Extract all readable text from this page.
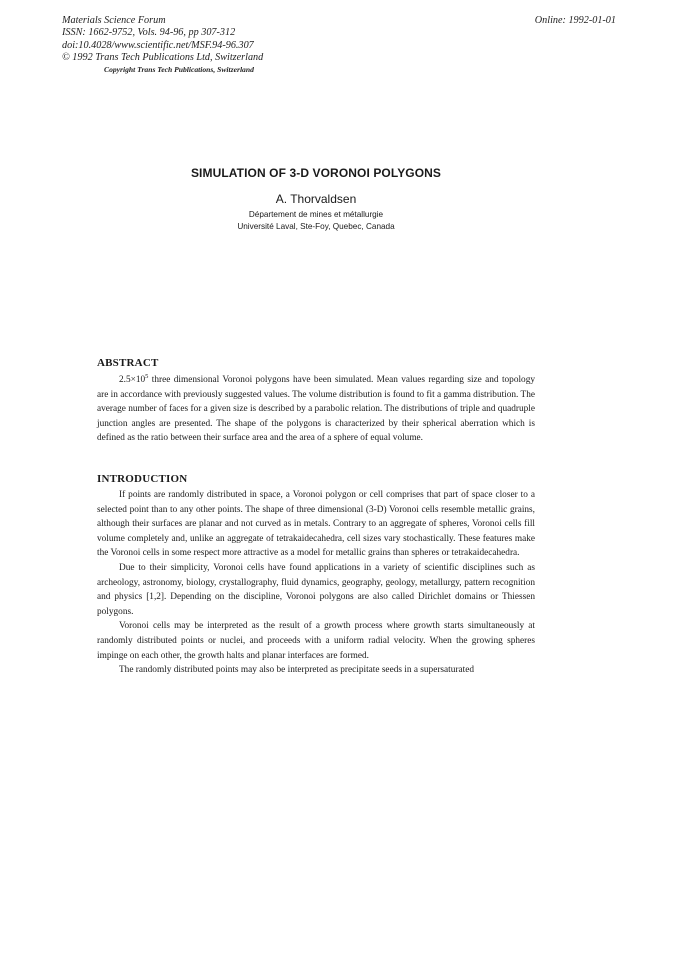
Materials Science Forum
ISSN: 1662-9752, Vols. 94-96, pp 307-312
doi:10.4028/www.scientific.net/MSF.94-96.307
© 1992 Trans Tech Publications Ltd, Switzerland
Copyright Trans Tech Publications, Switzerland
Online: 1992-01-01
SIMULATION OF 3-D VORONOI POLYGONS
A. Thorvaldsen
Département de mines et métallurgie
Université Laval, Ste-Foy, Quebec, Canada
ABSTRACT

$2.5\times 10^5$ three dimensional Voronoi polygons have been simulated. Mean values regarding size and topology are in accordance with previously suggested values. The volume distribution is found to fit a gamma distribution. The average number of faces for a given size is described by a parabolic relation. The distributions of triple and quadruple junction angles are presented. The shape of the polygons is characterized by their spherical aberration which is defined as the ratio between their surface area and the area of a sphere of equal volume.

INTRODUCTION

If points are randomly distributed in space, a Voronoi polygon or cell comprises that part of space closer to a selected point than to any other points. The shape of three dimensional (3-D) Voronoi cells resemble metallic grains, although their surfaces are planar and not curved as in metals. Contrary to an aggregate of spheres, Voronoi cells fill volume completely and, unlike an aggregate of tetrakaidecahedra, cell sizes vary stochastically. These features make the Voronoi cells in some respect more attractive as a model for metallic grains than spheres or tetrakaidecahedra.

Due to their simplicity, Voronoi cells have found applications in a variety of scientific disciplines such as archeology, astronomy, biology, crystallography, fluid dynamics, geography, geology, metallurgy, pattern recognition and physics [1,2]. Depending on the discipline, Voronoi polygons are also called Dirichlet domains or Thiessen polygons.

Voronoi cells may be interpreted as the result of a growth process where growth starts simultaneously at randomly distributed points or nuclei, and proceeds with a uniform radial velocity. When the growing spheres impinge on each other, the growth halts and planar interfaces are formed.

The randomly distributed points may also be interpreted as precipitate seeds in a supersaturated
